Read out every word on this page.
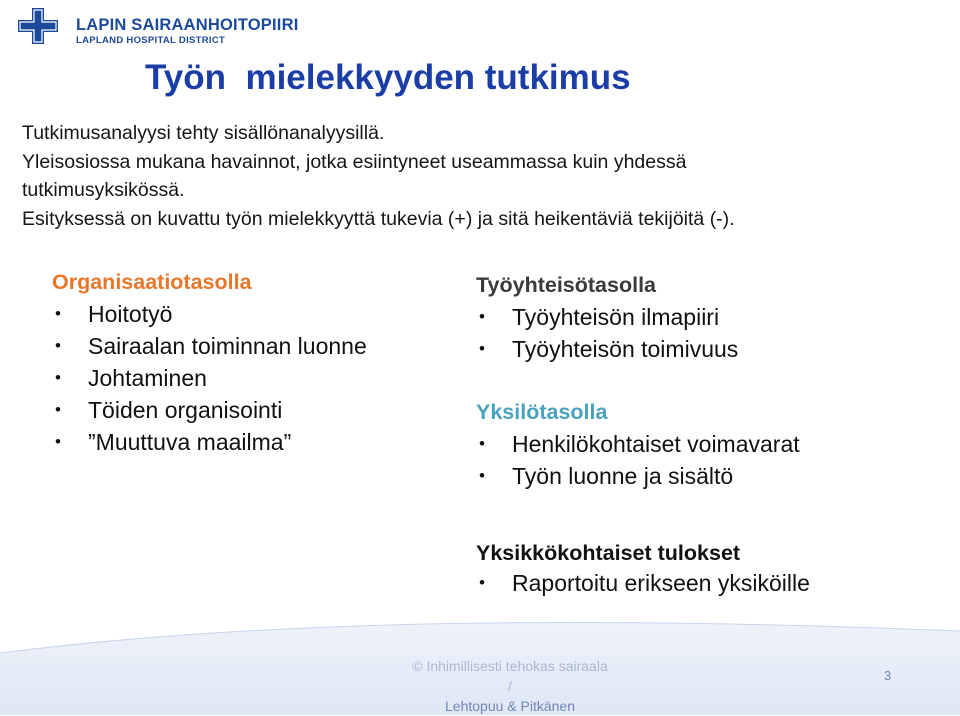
LAPIN SAIRAANHOITOPIIRI
LAPLAND HOSPITAL DISTRICT
Työn  mielekkyyden tutkimus
Tutkimusanalyysi tehty sisällönanalyysillä.
Yleisosiossa mukana havainnot, jotka esiintyneet useammassa kuin yhdessä
tutkimusyksikössä.
Esityksessä on kuvattu työn mielekkyyttä tukevia (+) ja sitä heikentäviä tekijöitä (-).
Organisaatiotasolla
• Hoitotyö
• Sairaalan toiminnan luonne
• Johtaminen
• Töiden organisointi
• ”Muuttuva maailma”
Työyhteisötasolla
• Työyhteisön ilmapiiri
• Työyhteisön toimivuus
Yksilötasolla
• Henkilökohtaiset voimavarat
• Työn luonne ja sisältö
Yksikkökohtaiset tulokset
• Raportoitu erikseen yksiköille
© Inhimillisesti tehokas sairaala /
Lehtopuu & Pitkänen
3
